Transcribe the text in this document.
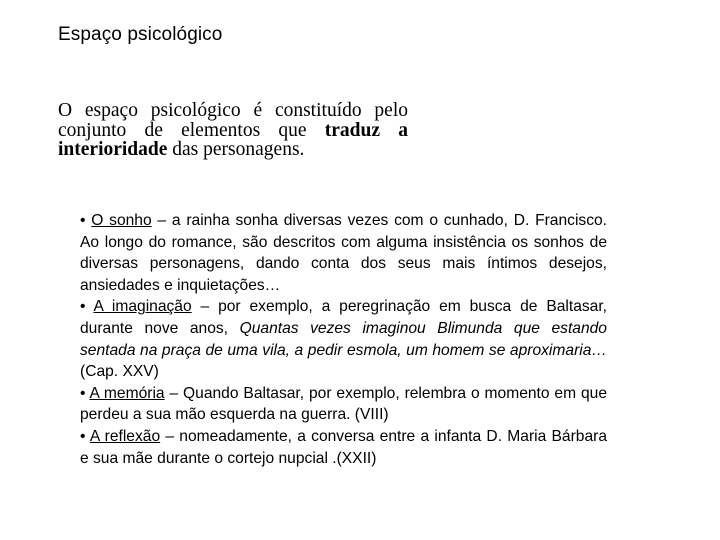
Espaço psicológico
O espaço psicológico é constituído pelo conjunto de elementos que traduz a interioridade das personagens.

• O sonho – a rainha sonha diversas vezes com o cunhado, D. Francisco. Ao longo do romance, são descritos com alguma insistência os sonhos de diversas personagens, dando conta dos seus mais íntimos desejos, ansiedades e inquietações…

• A imaginação – por exemplo, a peregrinação em busca de Baltasar, durante nove anos, Quantas vezes imaginou Blimunda que estando sentada na praça de uma vila, a pedir esmola, um homem se aproximaria… (Cap. XXV)

• A memória – Quando Baltasar, por exemplo, relembra o momento em que perdeu a sua mão esquerda na guerra. (VIII)

• A reflexão – nomeadamente, a conversa entre a infanta D. Maria Bárbara e sua mãe durante o cortejo nupcial .(XXII)
